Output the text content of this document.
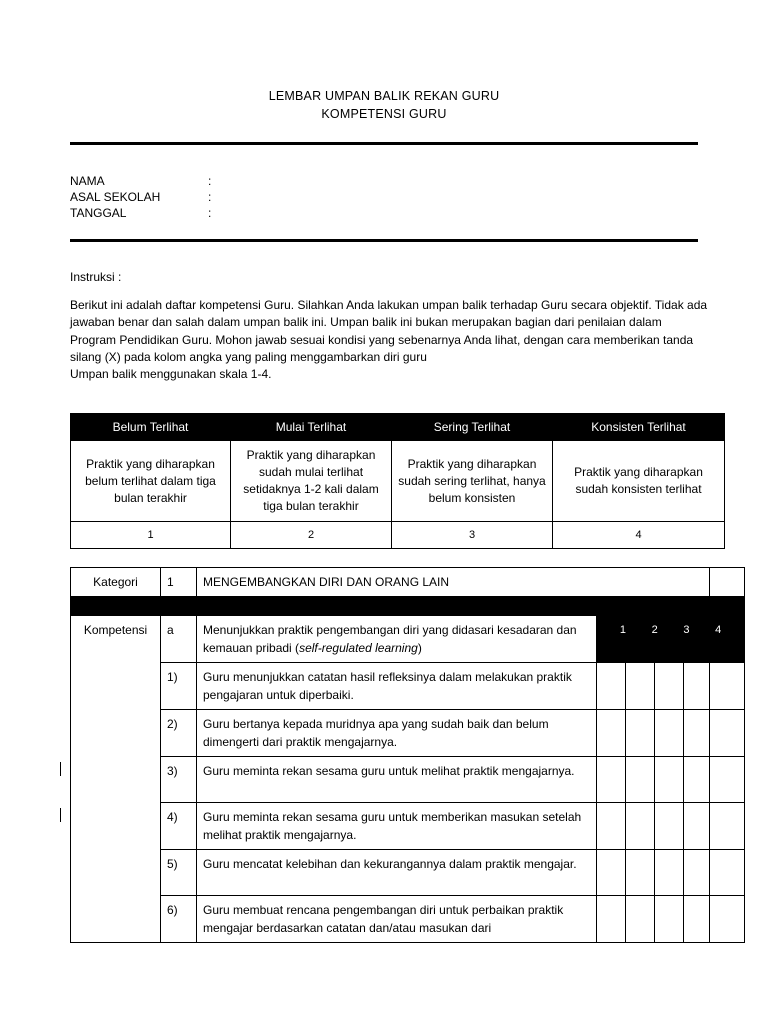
LEMBAR UMPAN BALIK REKAN GURU
KOMPETENSI GURU
NAMA	:
ASAL SEKOLAH	:
TANGGAL	:
Instruksi :

Berikut ini adalah daftar kompetensi Guru. Silahkan Anda lakukan umpan balik terhadap Guru secara objektif. Tidak ada jawaban benar dan salah dalam umpan balik ini. Umpan balik ini bukan merupakan bagian dari penilaian dalam Program Pendidikan Guru. Mohon jawab sesuai kondisi yang sebenarnya Anda lihat, dengan cara memberikan tanda silang (X) pada kolom angka yang paling menggambarkan diri guru

Umpan balik menggunakan skala 1-4.

Belum Terlihat	Mulai Terlihat	Sering Terlihat	Konsisten Terlihat
Praktik yang diharapkan belum terlihat dalam tiga bulan terakhir	Praktik yang diharapkan sudah mulai terlihat setidaknya 1-2 kali dalam tiga bulan terakhir	Praktik yang diharapkan sudah sering terlihat, hanya belum konsisten	Praktik yang diharapkan sudah konsisten terlihat
1	2	3	4
Kategori	1	MENGEMBANGKAN DIRI DAN ORANG LAIN					

Kompetensi	a	Menunjukkan praktik pengembangan diri yang didasari kesadaran dan kemauan pribadi (self-regulated learning)	1 2 3 4				

	1)	Guru menunjukkan catatan hasil refleksinya dalam melakukan praktik pengajaran untuk diperbaiki.					
	2)	Guru bertanya kepada muridnya apa yang sudah baik dan belum dimengerti dari praktik mengajarnya.					
	3)	Guru meminta rekan sesama guru untuk melihat praktik mengajarnya.					
	4)	Guru meminta rekan sesama guru untuk memberikan masukan setelah melihat praktik mengajarnya.					
	5)	Guru mencatat kelebihan dan kekurangannya dalam praktik mengajar.					
	6)	Guru membuat rencana pengembangan diri untuk perbaikan praktik mengajar berdasarkan catatan dan/atau masukan dari					
